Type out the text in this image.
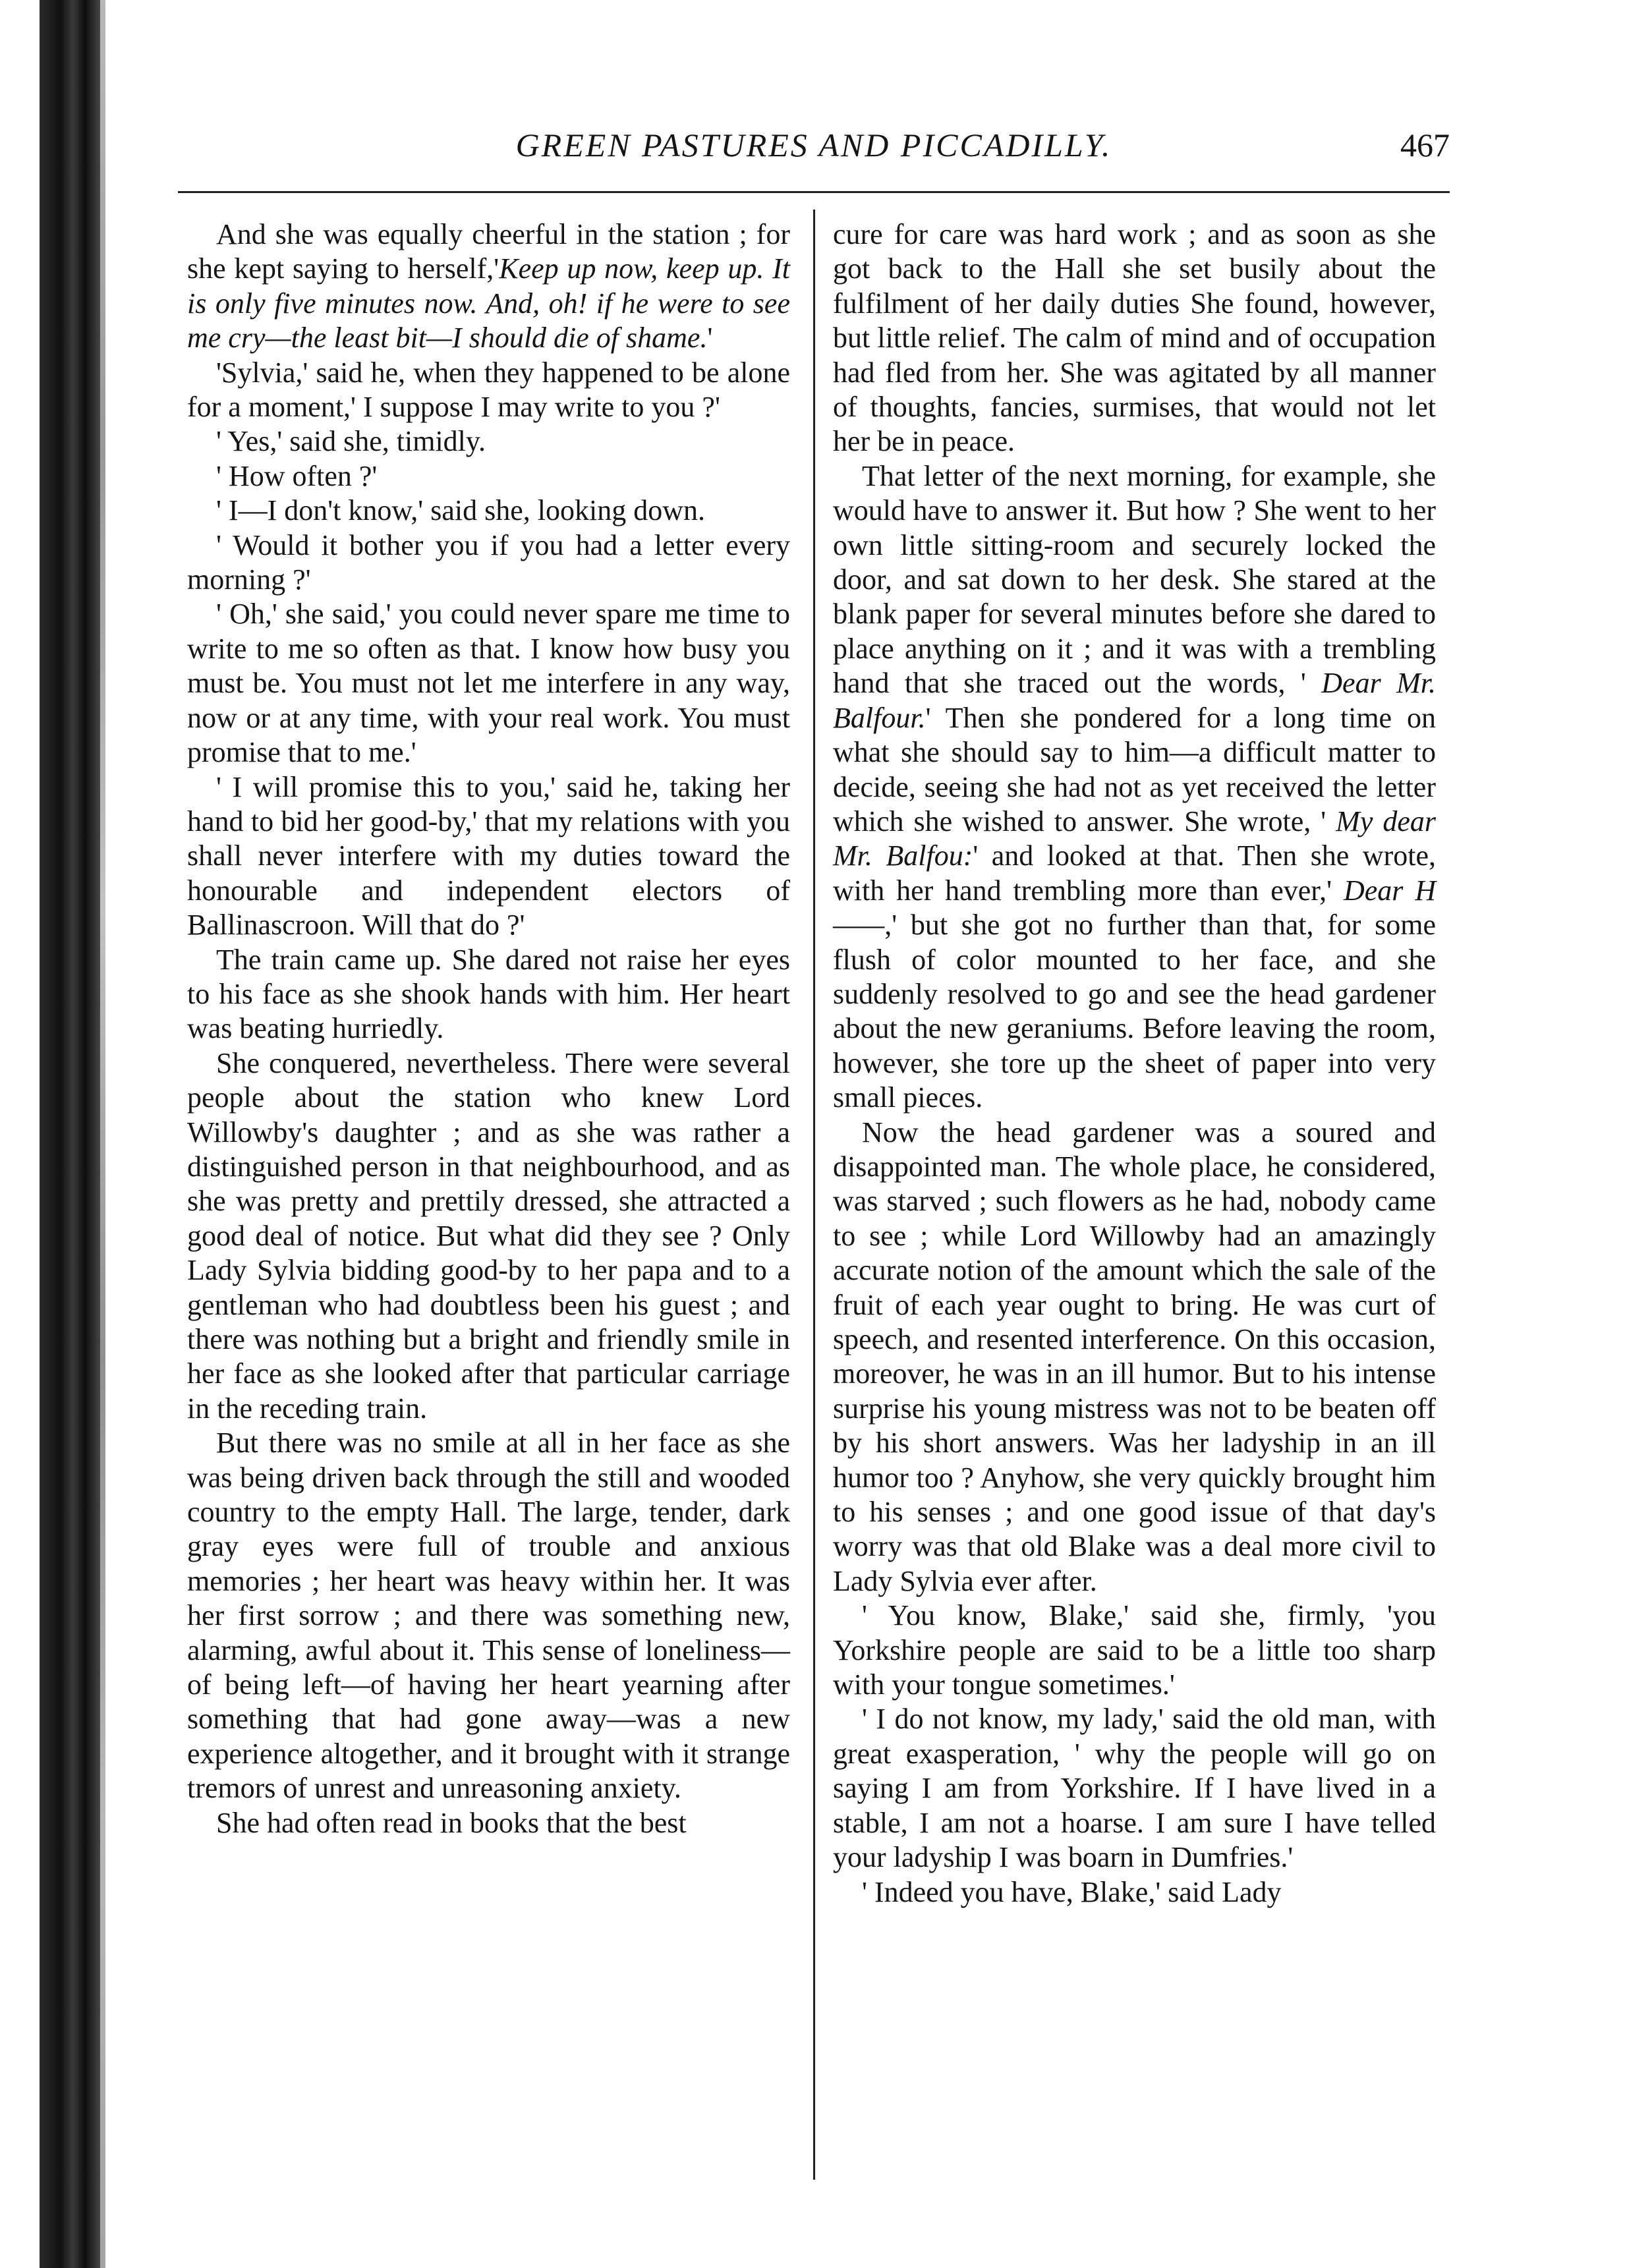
GREEN PASTURES AND PICCADILLY.	467

And she was equally cheerful in the station ; for she kept saying to herself,'Keep up now, keep up. It is only five minutes now. And, oh! if he were to see me cry—the least bit—I should die of shame.'

'Sylvia,' said he, when they happened to be alone for a moment,' I suppose I may write to you ?'

' Yes,' said she, timidly.

' How often ?'

' I—I don't know,' said she, looking down.

' Would it bother you if you had a letter every morning ?'

' Oh,' she said,' you could never spare me time to write to me so often as that. I know how busy you must be. You must not let me interfere in any way, now or at any time, with your real work. You must promise that to me.'

' I will promise this to you,' said he, taking her hand to bid her good-by,' that my relations with you shall never interfere with my duties toward the honourable and independent electors of Ballinascroon. Will that do ?'

The train came up. She dared not raise her eyes to his face as she shook hands with him. Her heart was beating hurriedly.

She conquered, nevertheless. There were several people about the station who knew Lord Willowby's daughter ; and as she was rather a distinguished person in that neighbourhood, and as she was pretty and prettily dressed, she attracted a good deal of notice. But what did they see ? Only Lady Sylvia bidding good-by to her papa and to a gentleman who had doubtless been his guest ; and there was nothing but a bright and friendly smile in her face as she looked after that particular carriage in the receding train.

But there was no smile at all in her face as she was being driven back through the still and wooded country to the empty Hall. The large, tender, dark gray eyes were full of trouble and anxious memories ; her heart was heavy within her. It was her first sorrow ; and there was something new, alarming, awful about it. This sense of loneliness—of being left—of having her heart yearning after something that had gone away—was a new experience altogether, and it brought with it strange tremors of unrest and unreasoning anxiety.

She had often read in books that the best

cure for care was hard work ; and as soon as she got back to the Hall she set busily about the fulfilment of her daily duties She found, however, but little relief. The calm of mind and of occupation had fled from her. She was agitated by all manner of thoughts, fancies, surmises, that would not let her be in peace.

That letter of the next morning, for example, she would have to answer it. But how ? She went to her own little sitting-room and securely locked the door, and sat down to her desk. She stared at the blank paper for several minutes before she dared to place anything on it ; and it was with a trembling hand that she traced out the words, ' Dear Mr. Balfour.' Then she pondered for a long time on what she should say to him—a difficult matter to decide, seeing she had not as yet received the letter which she wished to answer. She wrote, ' My dear Mr. Balfou:' and looked at that. Then she wrote, with her hand trembling more than ever,' Dear H——,' but she got no further than that, for some flush of color mounted to her face, and she suddenly resolved to go and see the head gardener about the new geraniums. Before leaving the room, however, she tore up the sheet of paper into very small pieces.

Now the head gardener was a soured and disappointed man. The whole place, he considered, was starved ; such flowers as he had, nobody came to see ; while Lord Willowby had an amazingly accurate notion of the amount which the sale of the fruit of each year ought to bring. He was curt of speech, and resented interference. On this occasion, moreover, he was in an ill humor. But to his intense surprise his young mistress was not to be beaten off by his short answers. Was her ladyship in an ill humor too ? Anyhow, she very quickly brought him to his senses ; and one good issue of that day's worry was that old Blake was a deal more civil to Lady Sylvia ever after.

' You know, Blake,' said she, firmly, 'you Yorkshire people are said to be a little too sharp with your tongue sometimes.'

' I do not know, my lady,' said the old man, with great exasperation, ' why the people will go on saying I am from Yorkshire. If I have lived in a stable, I am not a hoarse. I am sure I have telled your ladyship I was boarn in Dumfries.'

' Indeed you have, Blake,' said Lady
